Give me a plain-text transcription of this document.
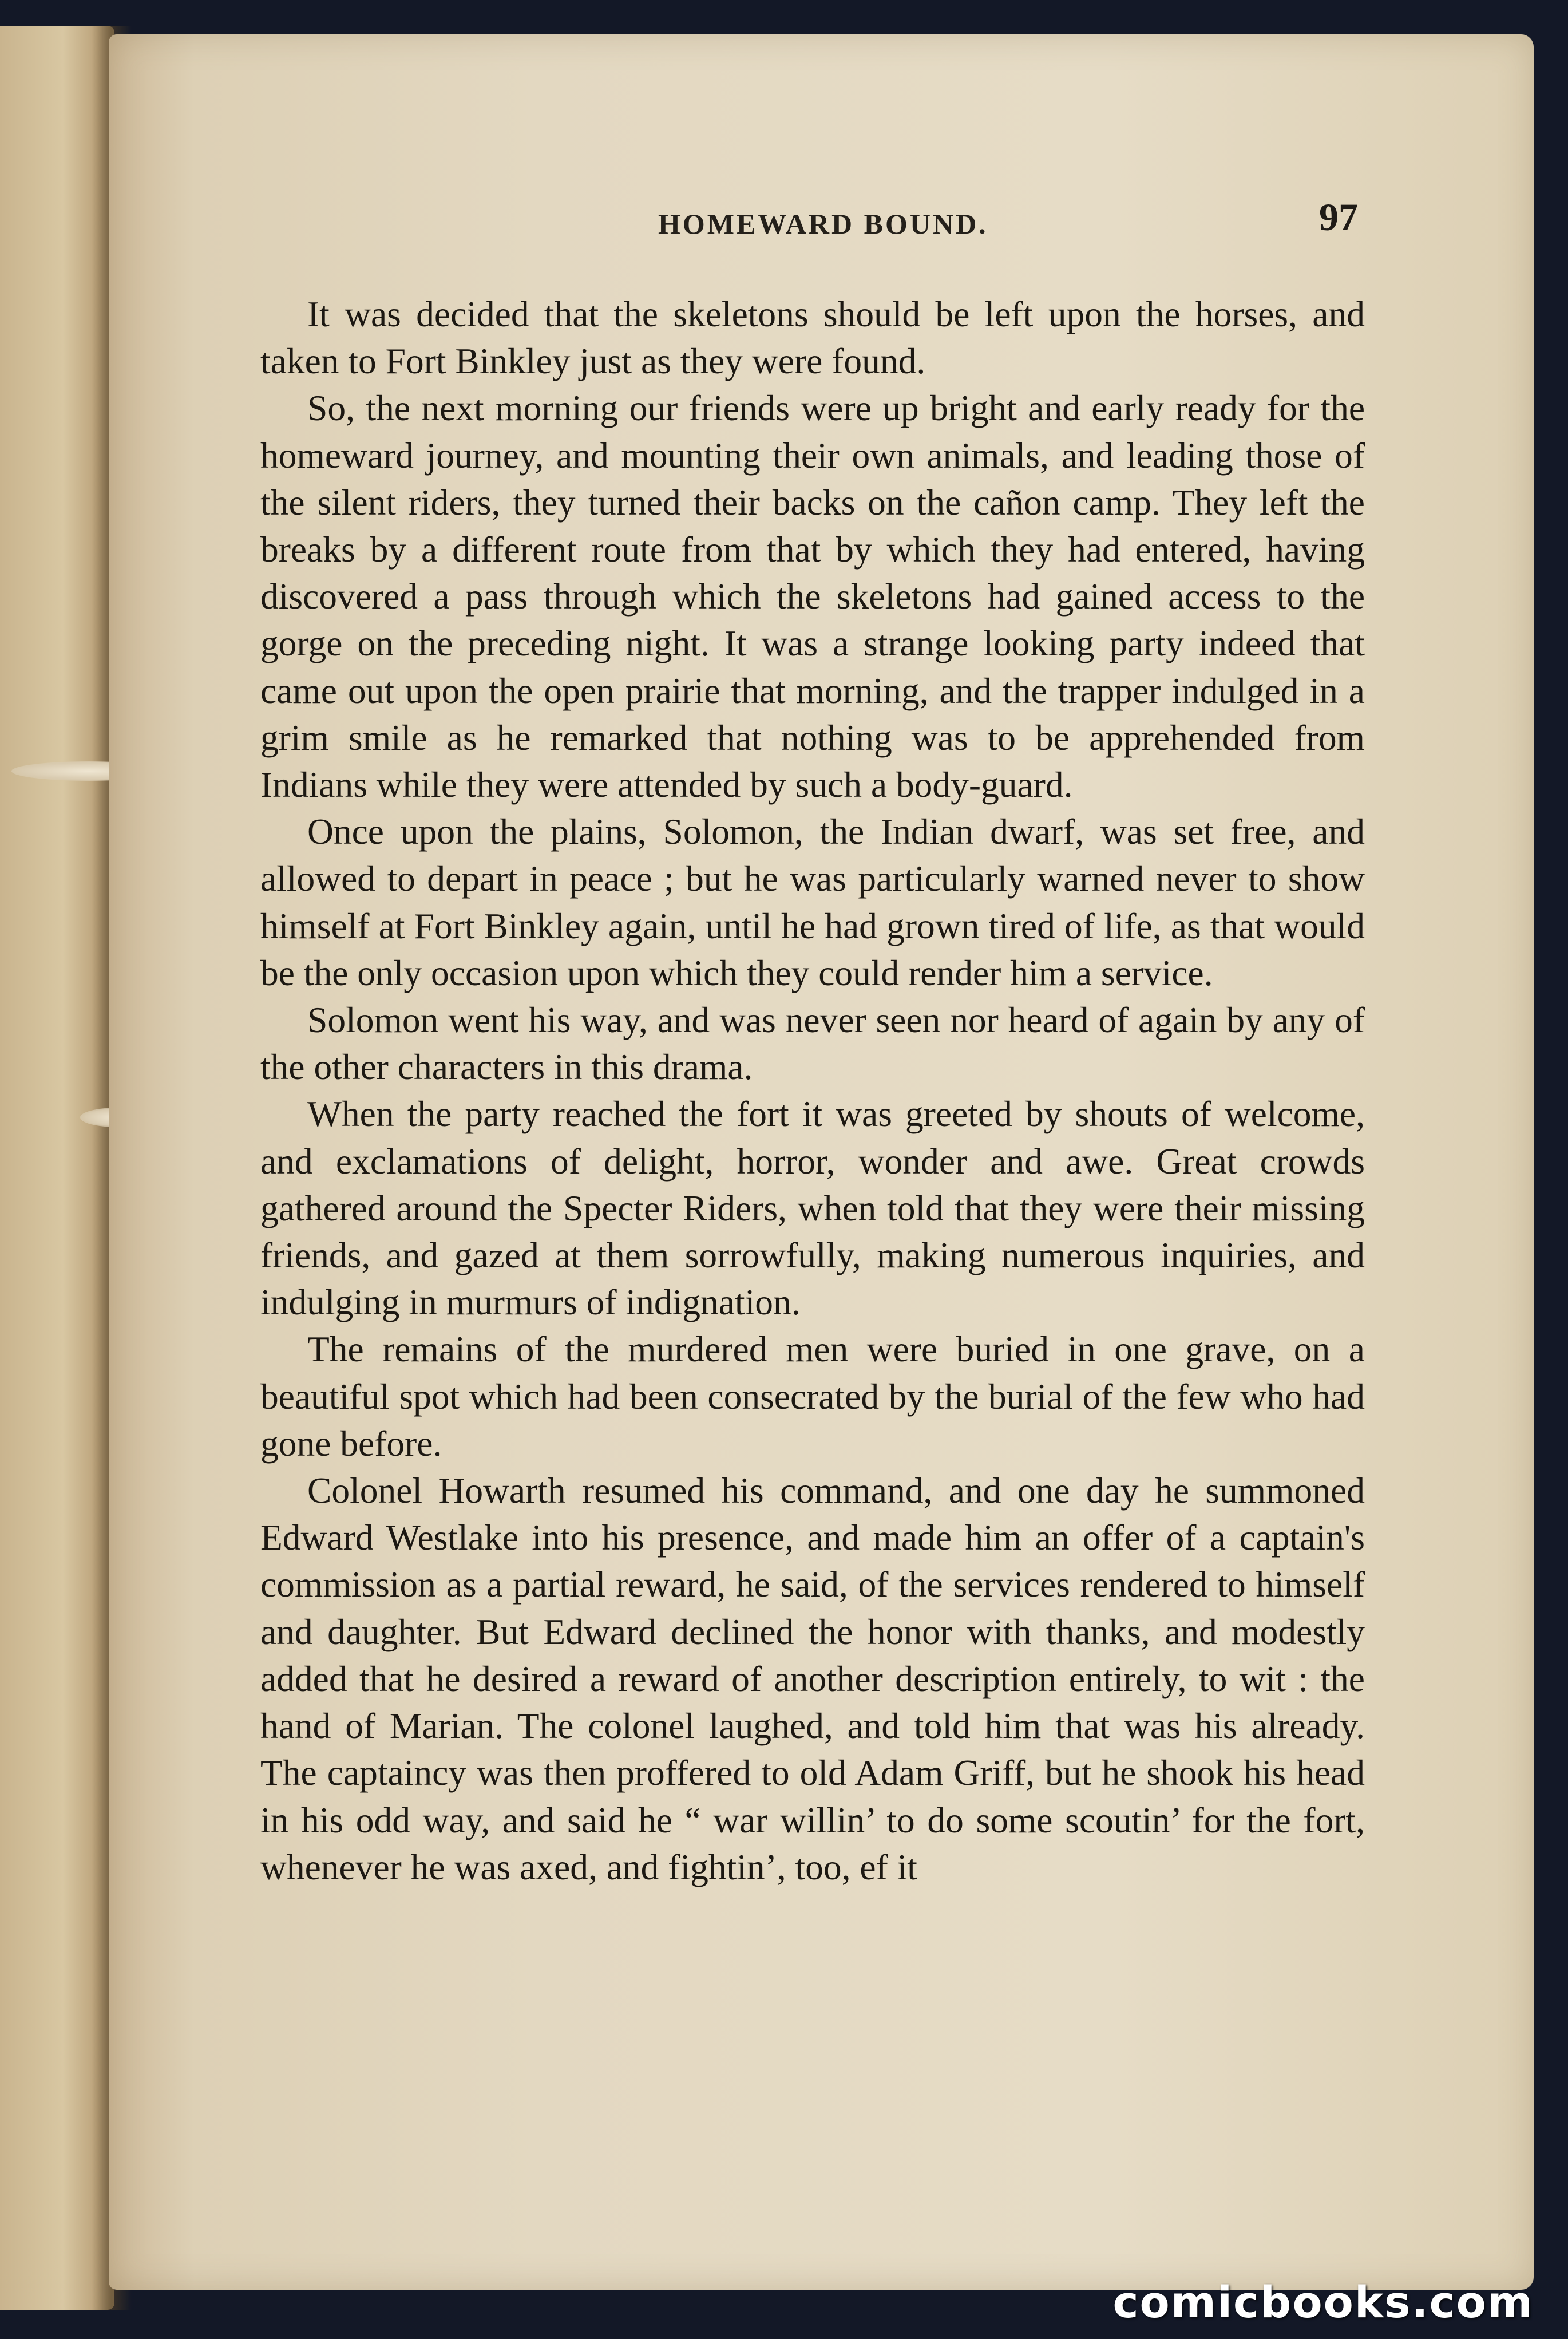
HOMEWARD BOUND.	97

It was decided that the skeletons should be left upon the horses, and taken to Fort Binkley just as they were found.

So, the next morning our friends were up bright and early ready for the homeward journey, and mounting their own animals, and leading those of the silent riders, they turned their backs on the cañon camp. They left the breaks by a different route from that by which they had entered, having discovered a pass through which the skeletons had gained access to the gorge on the preceding night. It was a strange looking party indeed that came out upon the open prairie that morning, and the trapper indulged in a grim smile as he remarked that nothing was to be apprehended from Indians while they were attended by such a body-guard.

Once upon the plains, Solomon, the Indian dwarf, was set free, and allowed to depart in peace ; but he was particularly warned never to show himself at Fort Binkley again, until he had grown tired of life, as that would be the only occasion upon which they could render him a service.

Solomon went his way, and was never seen nor heard of again by any of the other characters in this drama.

When the party reached the fort it was greeted by shouts of welcome, and exclamations of delight, horror, wonder and awe. Great crowds gathered around the Specter Riders, when told that they were their missing friends, and gazed at them sorrowfully, making numerous inquiries, and indulging in murmurs of indignation.

The remains of the murdered men were buried in one grave, on a beautiful spot which had been consecrated by the burial of the few who had gone before.

Colonel Howarth resumed his command, and one day he summoned Edward Westlake into his presence, and made him an offer of a captain's commission as a partial reward, he said, of the services rendered to himself and daughter. But Edward declined the honor with thanks, and modestly added that he desired a reward of another description entirely, to wit : the hand of Marian. The colonel laughed, and told him that was his already. The captaincy was then proffered to old Adam Griff, but he shook his head in his odd way, and said he “ war willin’ to do some scoutin’ for the fort, whenever he was axed, and fightin’, too, ef it

comicbooks.com
